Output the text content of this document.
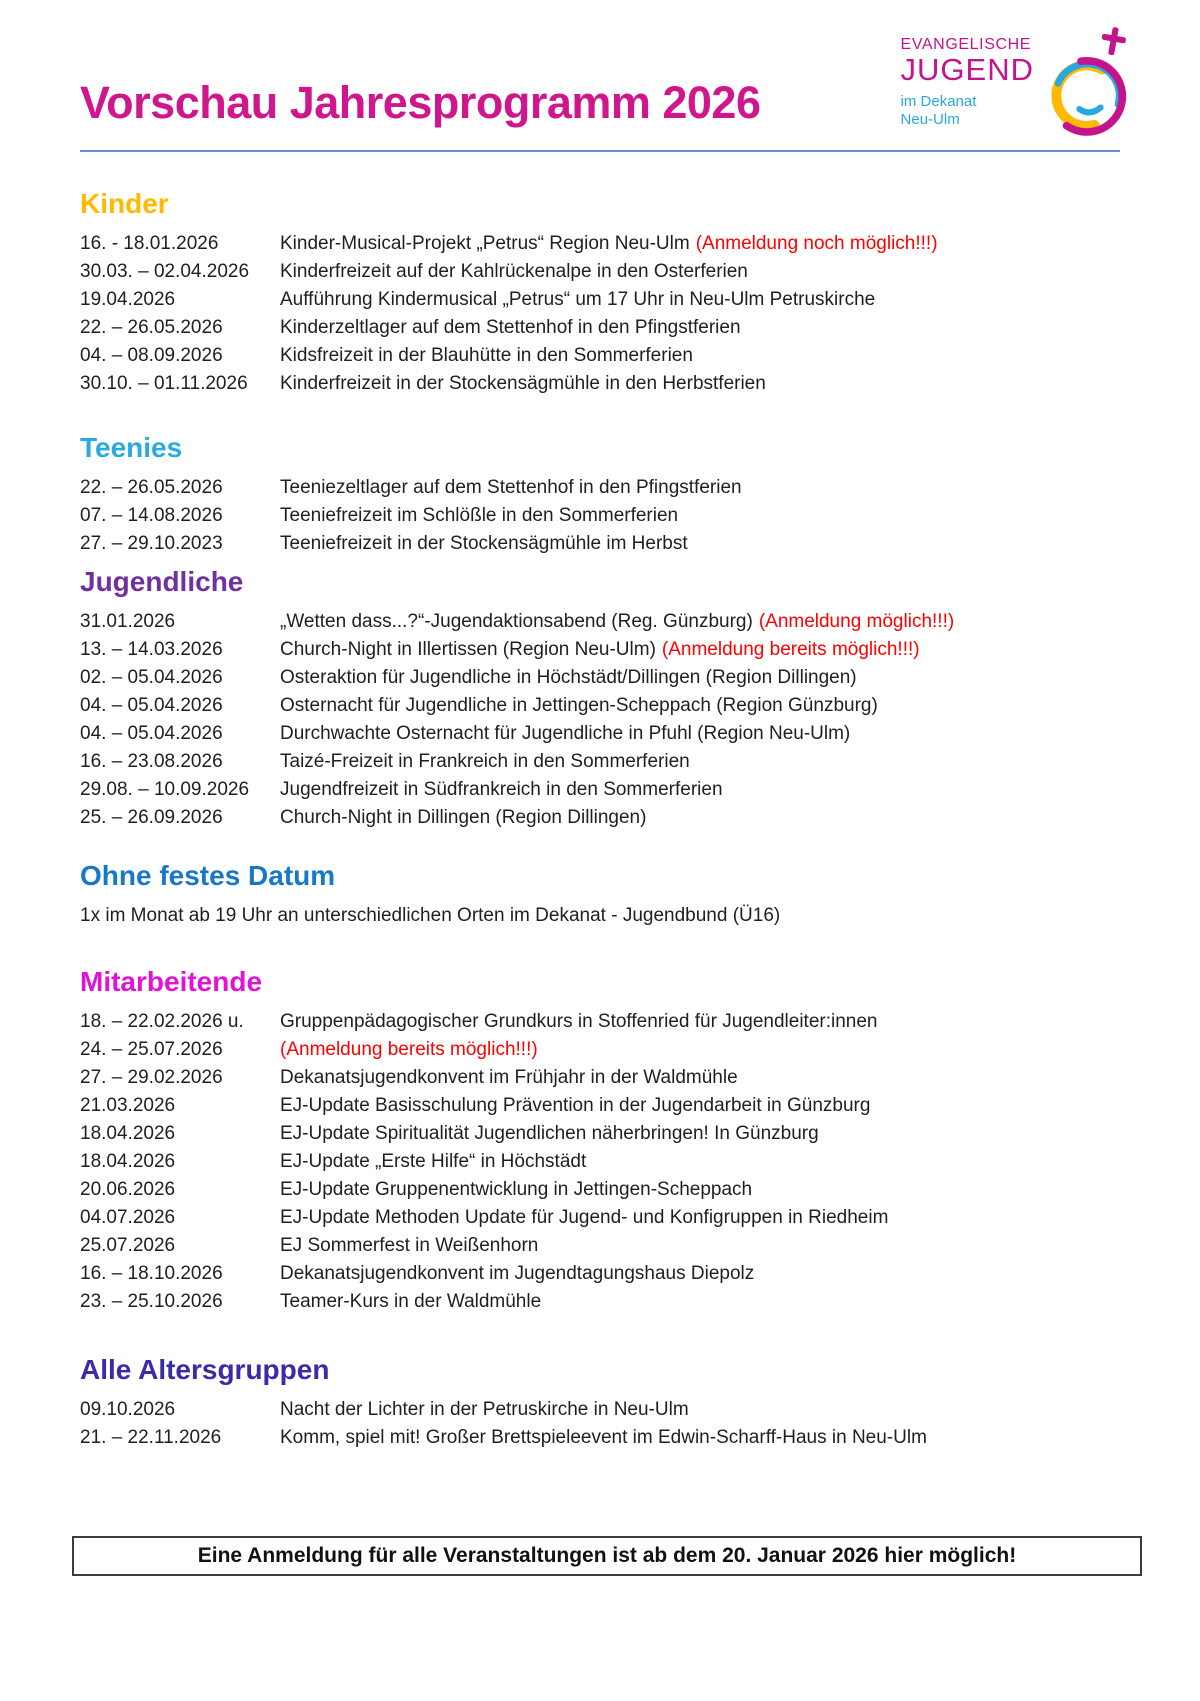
EVANGELISCHE
JUGEND
im Dekanat
Neu-Ulm
Vorschau Jahresprogramm 2026
Kinder
16. - 18.01.2026	Kinder-Musical-Projekt „Petrus“ Region Neu-Ulm (Anmeldung noch möglich!!!)
30.03. – 02.04.2026	Kinderfreizeit auf der Kahlrückenalpe in den Osterferien
19.04.2026	Aufführung Kindermusical „Petrus“ um 17 Uhr in Neu-Ulm Petruskirche
22. – 26.05.2026	Kinderzeltlager auf dem Stettenhof in den Pfingstferien
04. – 08.09.2026	Kidsfreizeit in der Blauhütte in den Sommerferien
30.10. – 01.11.2026	Kinderfreizeit in der Stockensägmühle in den Herbstferien
Teenies
22. – 26.05.2026	Teeniezeltlager auf dem Stettenhof in den Pfingstferien
07. – 14.08.2026	Teeniefreizeit im Schlößle in den Sommerferien
27. – 29.10.2023	Teeniefreizeit in der Stockensägmühle im Herbst
Jugendliche
31.01.2026	„Wetten dass...?“-Jugendaktionsabend (Reg. Günzburg) (Anmeldung möglich!!!)
13. – 14.03.2026	Church-Night in Illertissen (Region Neu-Ulm) (Anmeldung bereits möglich!!!)
02. – 05.04.2026	Osteraktion für Jugendliche in Höchstädt/Dillingen (Region Dillingen)
04. – 05.04.2026	Osternacht für Jugendliche in Jettingen-Scheppach (Region Günzburg)
04. – 05.04.2026	Durchwachte Osternacht für Jugendliche in Pfuhl (Region Neu-Ulm)
16. – 23.08.2026	Taizé-Freizeit in Frankreich in den Sommerferien
29.08. – 10.09.2026	Jugendfreizeit in Südfrankreich in den Sommerferien
25. – 26.09.2026	Church-Night in Dillingen (Region Dillingen)
Ohne festes Datum

1x im Monat ab 19 Uhr an unterschiedlichen Orten im Dekanat - Jugendbund (Ü16)

Mitarbeitende
18. – 22.02.2026 u.	Gruppenpädagogischer Grundkurs in Stoffenried für Jugendleiter:innen
24. – 25.07.2026	(Anmeldung bereits möglich!!!)
27. – 29.02.2026	Dekanatsjugendkonvent im Frühjahr in der Waldmühle
21.03.2026	EJ-Update Basisschulung Prävention in der Jugendarbeit in Günzburg
18.04.2026	EJ-Update Spiritualität Jugendlichen näherbringen! In Günzburg
18.04.2026	EJ-Update „Erste Hilfe“ in Höchstädt
20.06.2026	EJ-Update Gruppenentwicklung in Jettingen-Scheppach
04.07.2026	EJ-Update Methoden Update für Jugend- und Konfigruppen in Riedheim
25.07.2026	EJ Sommerfest in Weißenhorn
16. – 18.10.2026	Dekanatsjugendkonvent im Jugendtagungshaus Diepolz
23. – 25.10.2026	Teamer-Kurs in der Waldmühle
Alle Altersgruppen
09.10.2026	Nacht der Lichter in der Petruskirche in Neu-Ulm
21. – 22.11.2026	Komm, spiel mit! Großer Brettspieleevent im Edwin-Scharff-Haus in Neu-Ulm
Eine Anmeldung für alle Veranstaltungen ist ab dem 20. Januar 2026 hier möglich!
